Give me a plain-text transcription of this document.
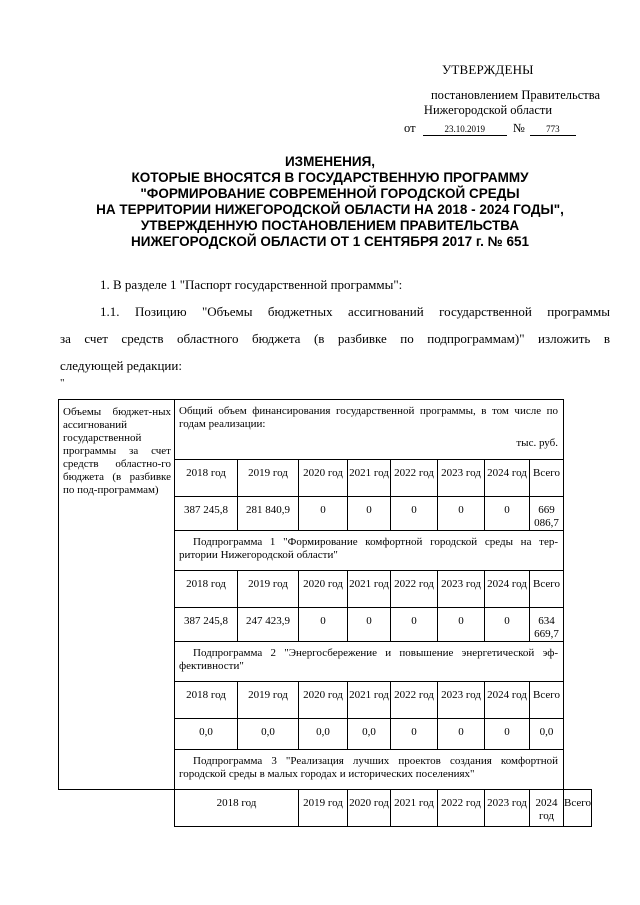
УТВЕРЖДЕНЫ
постановлением Правительства
Нижегородской области
от	23.10.2019 № 773
ИЗМЕНЕНИЯ,
КОТОРЫЕ ВНОСЯТСЯ В ГОСУДАРСТВЕННУЮ ПРОГРАММУ
"ФОРМИРОВАНИЕ СОВРЕМЕННОЙ ГОРОДСКОЙ СРЕДЫ
НА ТЕРРИТОРИИ НИЖЕГОРОДСКОЙ ОБЛАСТИ НА 2018 - 2024 ГОДЫ",
УТВЕРЖДЕННУЮ ПОСТАНОВЛЕНИЕМ ПРАВИТЕЛЬСТВА
НИЖЕГОРОДСКОЙ ОБЛАСТИ ОТ 1 СЕНТЯБРЯ 2017 г. № 651
1. В разделе 1 "Паспорт государственной программы":
1.1. Позицию "Объемы бюджетных ассигнований государственной программы
за счет средств областного бюджета (в разбивке по подпрограммам)" изложить в
следующей редакции:
"
Объемы бюджет-ных ассигнований государственной программы за счет средств областно-го бюджета (в разбивке по под-программам)	Общий объем финансирования государственной программы, в том числе по годам реализации:
тыс. руб.								

	2018 год	2019 год	2020 год	2021 год	2022 год	2023 год	2024 год	Всего	
	387 245,8	281 840,9	0	0	0	0	0	669 086,7	
	Подпрограмма 1 "Формирование комфортной городской среды на тер-ритории Нижегородской области"								
	2018 год	2019 год	2020 год	2021 год	2022 год	2023 год	2024 год	Всего	
	387 245,8	247 423,9	0	0	0	0	0	634 669,7	
	Подпрограмма 2 "Энергосбережение и повышение энергетической эф-фективности"								
	2018 год	2019 год	2020 год	2021 год	2022 год	2023 год	2024 год	Всего	
	0,0	0,0	0,0	0,0	0	0	0	0,0	
	Подпрограмма 3 "Реализация лучших проектов создания комфортной городской среды в малых городах и исторических поселениях"								
	2018 год		2019 год	2020 год	2021 год	2022 год	2023 год	2024 год	Всего
